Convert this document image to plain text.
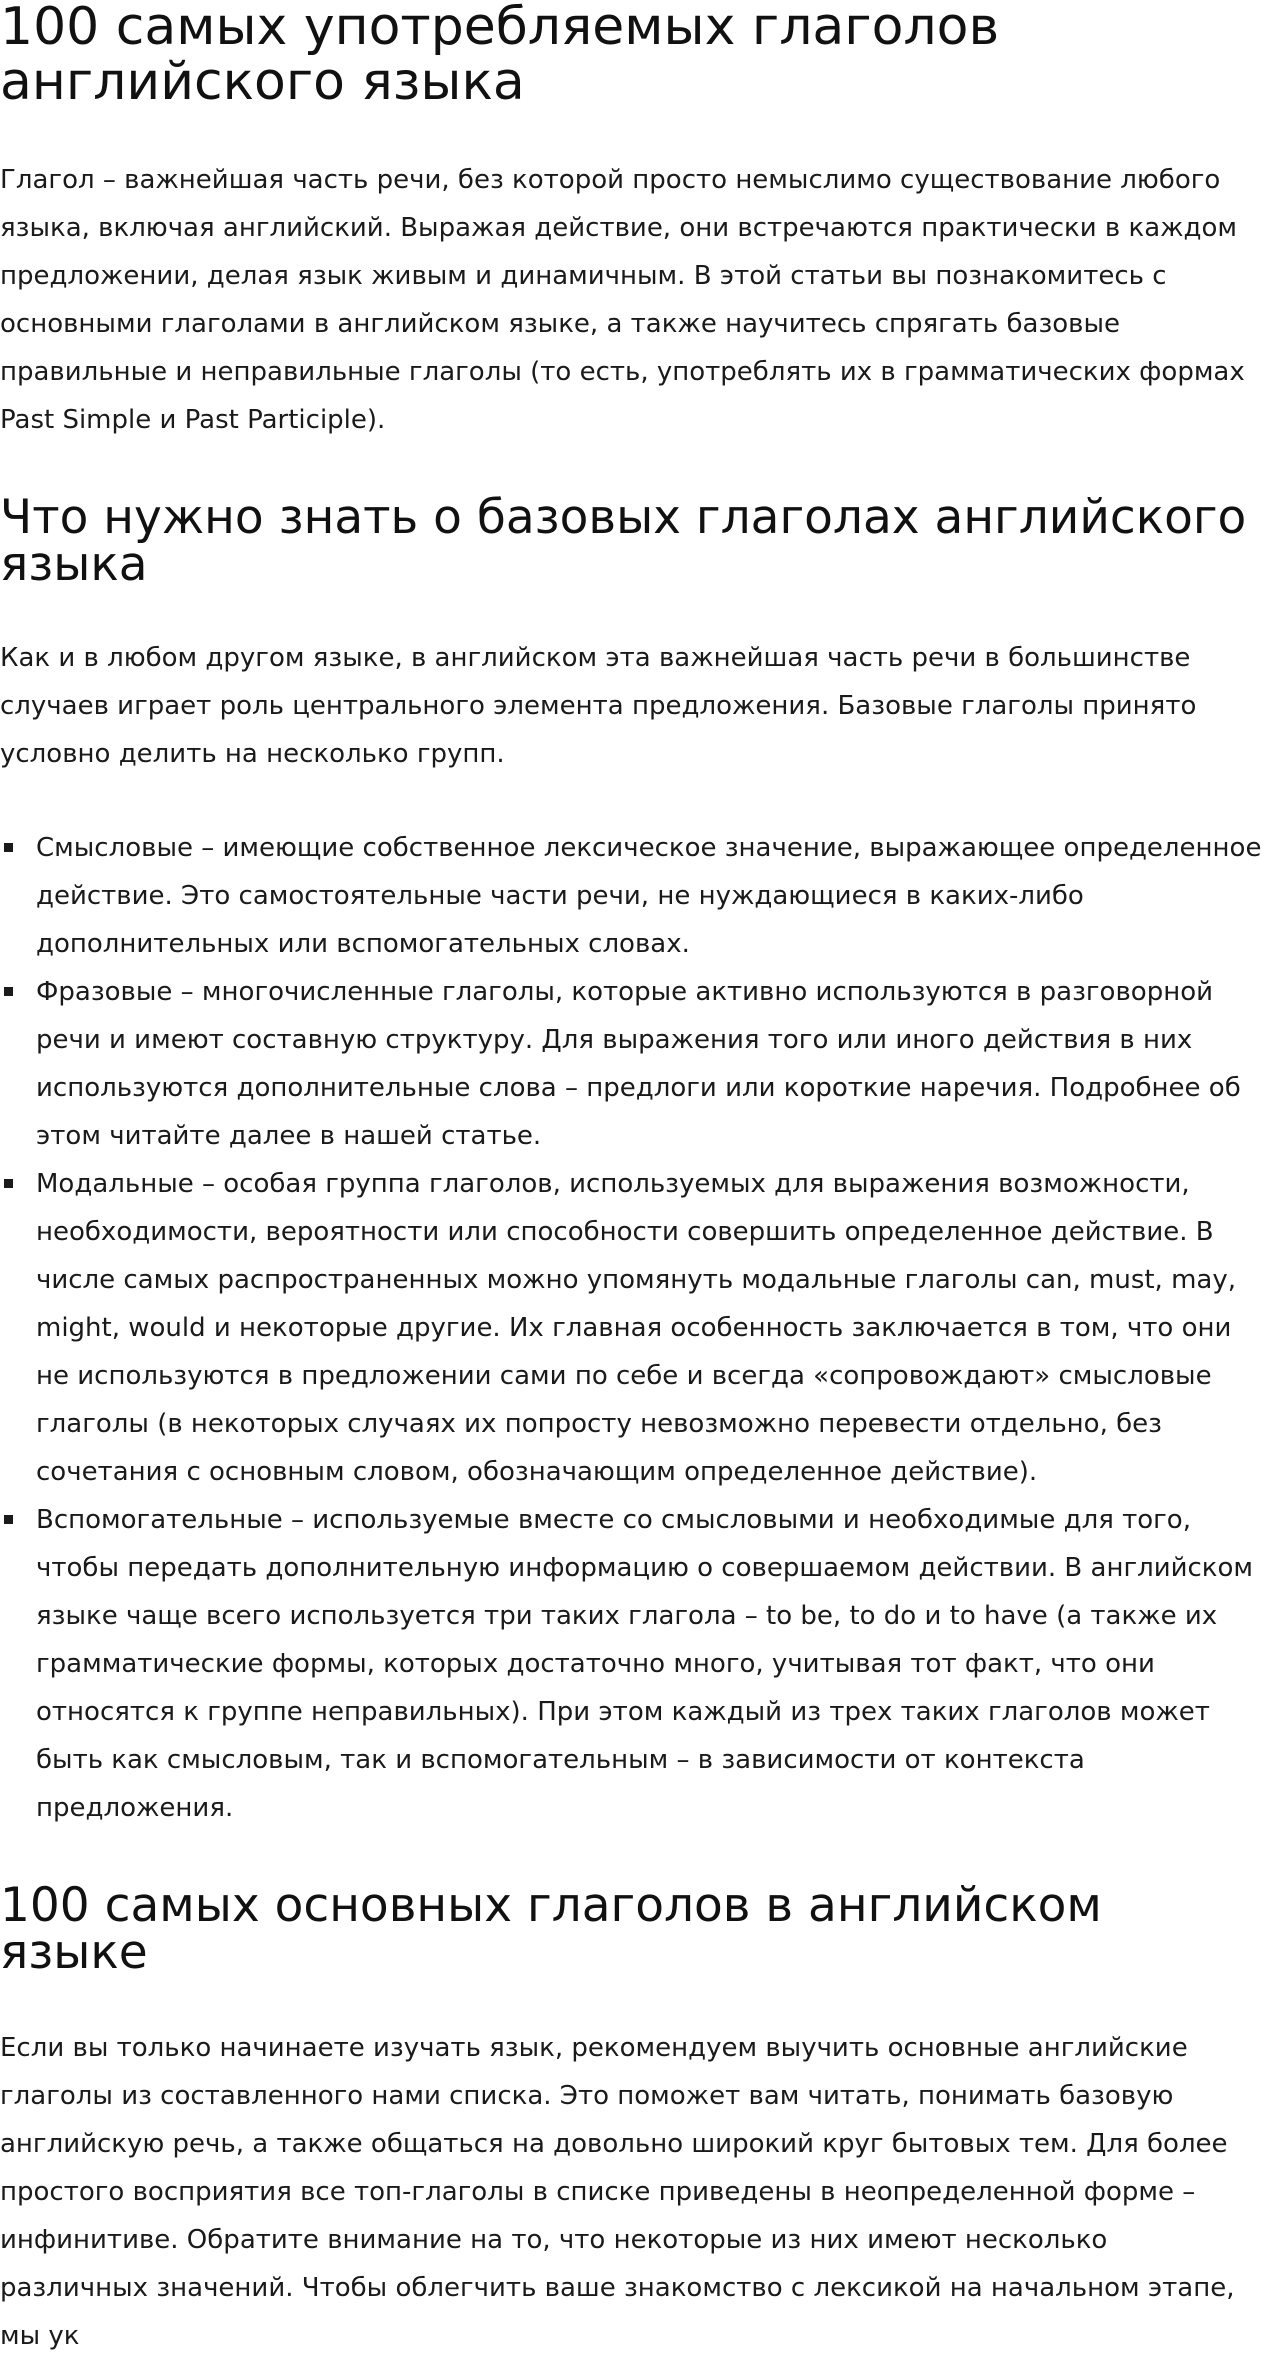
100 самых употребляемых глаголов английского языка

Глагол – важнейшая часть речи, без которой просто немыслимо существование любого языка, включая английский. Выражая действие, они встречаются практически в каждом предложении, делая язык живым и динамичным. В этой статьи вы познакомитесь с основными глаголами в английском языке, а также научитесь спрягать базовые правильные и неправильные глаголы (то есть, употреблять их в грамматических формах Past Simple и Past Participle).

Что нужно знать о базовых глаголах английского языка

Как и в любом другом языке, в английском эта важнейшая часть речи в большинстве случаев играет роль центрального элемента предложения. Базовые глаголы принято условно делить на несколько групп.

Смысловые – имеющие собственное лексическое значение, выражающее определенное действие. Это самостоятельные части речи, не нуждающиеся в каких-либо дополнительных или вспомогательных словах.
Фразовые – многочисленные глаголы, которые активно используются в разговорной речи и имеют составную структуру. Для выражения того или иного действия в них используются дополнительные слова – предлоги или короткие наречия. Подробнее об этом читайте далее в нашей статье.
Модальные – особая группа глаголов, используемых для выражения возможности, необходимости, вероятности или способности совершить определенное действие. В числе самых распространенных можно упомянуть модальные глаголы can, must, may, might, would и некоторые другие. Их главная особенность заключается в том, что они не используются в предложении сами по себе и всегда «сопровождают» смысловые глаголы (в некоторых случаях их попросту невозможно перевести отдельно, без сочетания с основным словом, обозначающим определенное действие).
Вспомогательные – используемые вместе со смысловыми и необходимые для того, чтобы передать дополнительную информацию о совершаемом действии. В английском языке чаще всего используется три таких глагола – to be, to do и to have (а также их грамматические формы, которых достаточно много, учитывая тот факт, что они относятся к группе неправильных). При этом каждый из трех таких глаголов может быть как смысловым, так и вспомогательным – в зависимости от контекста предложения.
100 самых основных глаголов в английском языке

Если вы только начинаете изучать язык, рекомендуем выучить основные английские глаголы из составленного нами списка. Это поможет вам читать, понимать базовую английскую речь, а также общаться на довольно широкий круг бытовых тем. Для более простого восприятия все топ-глаголы в списке приведены в неопределенной форме – инфинитиве. Обратите внимание на то, что некоторые из них имеют несколько различных значений. Чтобы облегчить ваше знакомство с лексикой на начальном этапе, мы ук
